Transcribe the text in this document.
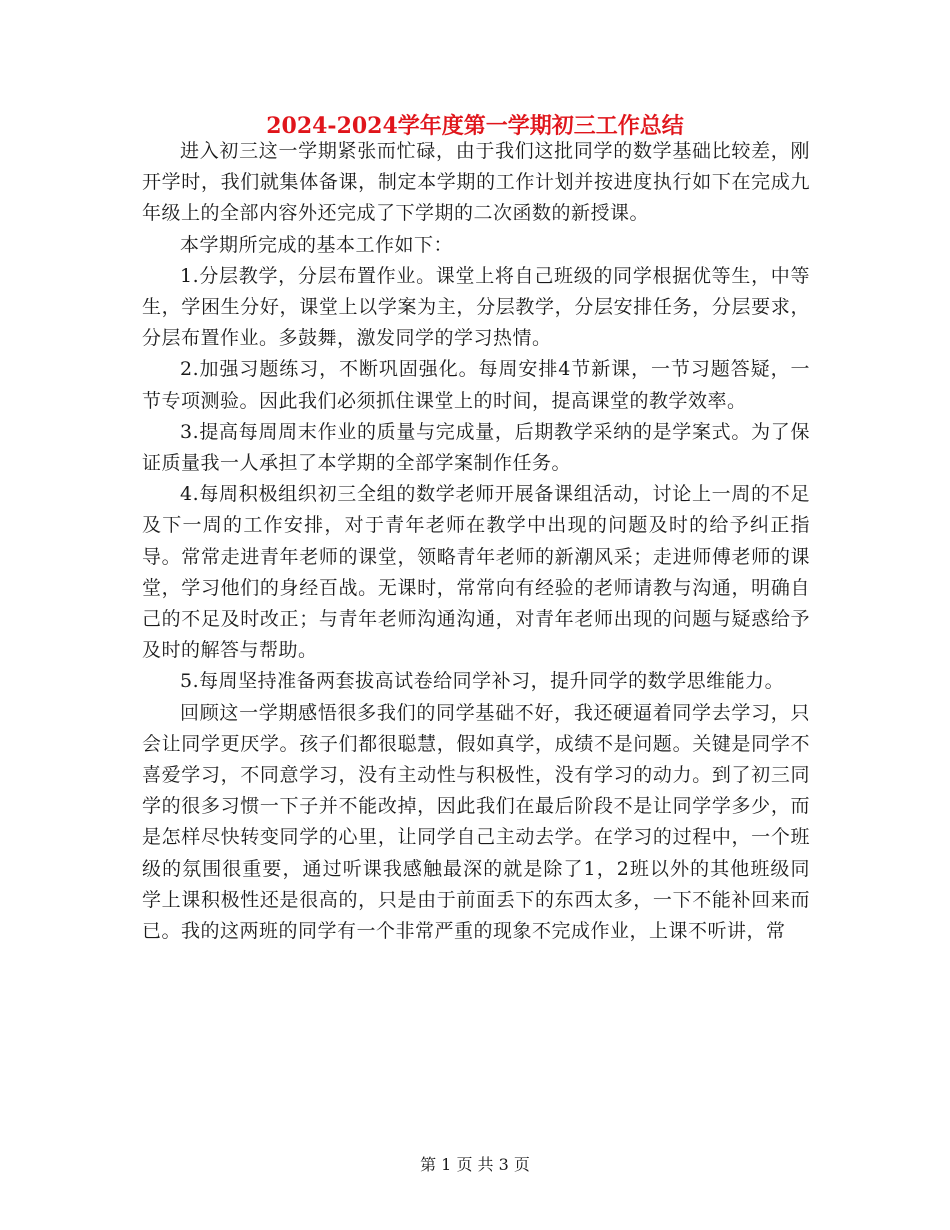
2024-2024学年度第一学期初三工作总结

进入初三这一学期紧张而忙碌，由于我们这批同学的数学基础比较差，刚开学时，我们就集体备课，制定本学期的工作计划并按进度执行如下在完成九年级上的全部内容外还完成了下学期的二次函数的新授课。

本学期所完成的基本工作如下：

1.分层教学，分层布置作业。课堂上将自己班级的同学根据优等生，中等生，学困生分好，课堂上以学案为主，分层教学，分层安排任务，分层要求，分层布置作业。多鼓舞，激发同学的学习热情。

2.加强习题练习，不断巩固强化。每周安排4节新课，一节习题答疑，一节专项测验。因此我们必须抓住课堂上的时间，提高课堂的教学效率。

3.提高每周周末作业的质量与完成量，后期教学采纳的是学案式。为了保证质量我一人承担了本学期的全部学案制作任务。

4.每周积极组织初三全组的数学老师开展备课组活动，讨论上一周的不足及下一周的工作安排，对于青年老师在教学中出现的问题及时的给予纠正指导。常常走进青年老师的课堂，领略青年老师的新潮风采；走进师傅老师的课堂，学习他们的身经百战。无课时，常常向有经验的老师请教与沟通，明确自己的不足及时改正；与青年老师沟通沟通，对青年老师出现的问题与疑惑给予及时的解答与帮助。

5.每周坚持准备两套拔高试卷给同学补习，提升同学的数学思维能力。

回顾这一学期感悟很多我们的同学基础不好，我还硬逼着同学去学习，只会让同学更厌学。孩子们都很聪慧，假如真学，成绩不是问题。关键是同学不喜爱学习，不同意学习，没有主动性与积极性，没有学习的动力。到了初三同学的很多习惯一下子并不能改掉，因此我们在最后阶段不是让同学学多少，而是怎样尽快转变同学的心里，让同学自己主动去学。在学习的过程中，一个班级的氛围很重要，通过听课我感触最深的就是除了1，2班以外的其他班级同学上课积极性还是很高的，只是由于前面丢下的东西太多，一下不能补回来而已。我的这两班的同学有一个非常严重的现象不完成作业，上课不听讲，常

第 1 页 共 3 页
